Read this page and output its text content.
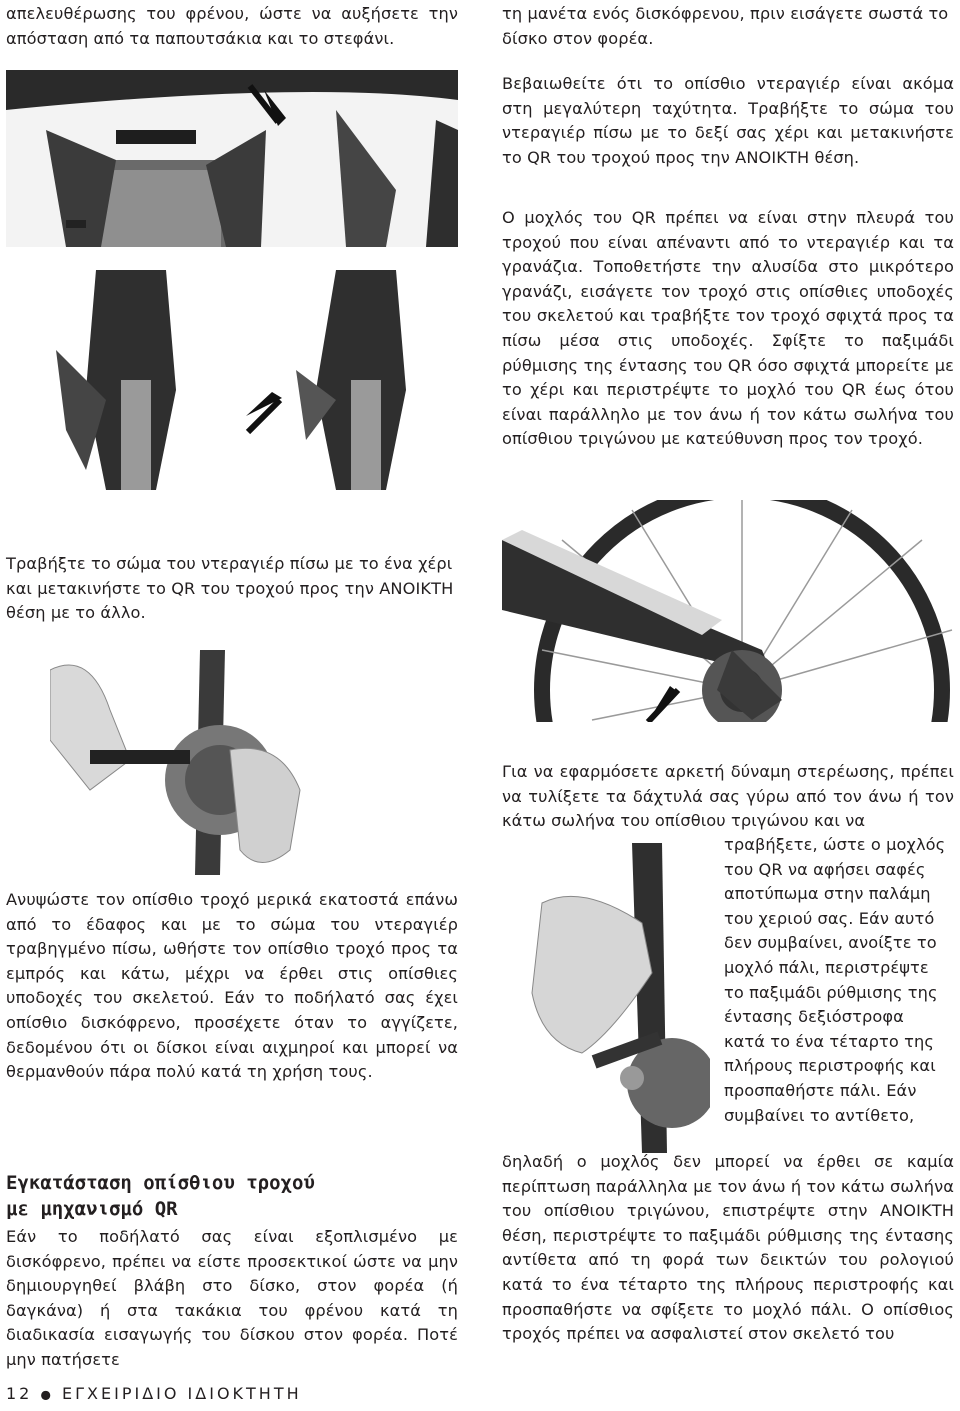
απελευθέρωσης του φρένου, ώστε να αυξήσετε την απόσταση από τα παπουτσάκια και το στεφάνι.

Τραβήξτε το σώμα του ντεραγιέρ πίσω με το ένα χέρι και μετακινήστε το QR του τροχού προς την ΑΝΟΙΚΤΗ θέση με το άλλο.

Ανυψώστε τον οπίσθιο τροχό μερικά εκατοστά επάνω από το έδαφος και με το σώμα του ντεραγιέρ τραβηγμένο πίσω, ωθήστε τον οπίσθιο τροχό προς τα εμπρός και κάτω, μέχρι να έρθει στις οπίσθιες υποδοχές του σκελετού. Εάν το ποδήλατό σας έχει οπίσθιο δισκόφρενο, προσέχετε όταν το αγγίζετε, δεδομένου ότι οι δίσκοι είναι αιχμηροί και μπορεί να θερμανθούν πάρα πολύ κατά τη χρήση τους.

Εγκατάσταση οπίσθιου τροχού
με μηχανισμό QR

Εάν το ποδήλατό σας είναι εξοπλισμένο με δισκόφρενο, πρέπει να είστε προσεκτικοί ώστε να μην δημιουργηθεί βλάβη στο δίσκο, στον φορέα (ή δαγκάνα) ή στα τακάκια του φρένου κατά τη διαδικασία εισαγωγής του δίσκου στον φορέα. Ποτέ μην πατήσετε

τη μανέτα ενός δισκόφρενου, πριν εισάγετε σωστά το δίσκο στον φορέα.

Βεβαιωθείτε ότι το οπίσθιο ντεραγιέρ είναι ακόμα στη μεγαλύτερη ταχύτητα. Τραβήξτε το σώμα του ντεραγιέρ πίσω με το δεξί σας χέρι και μετακινήστε το QR του τροχού προς την ΑΝΟΙΚΤΗ θέση.

Ο μοχλός του QR πρέπει να είναι στην πλευρά του τροχού που είναι απέναντι από το ντεραγιέρ και τα γρανάζια. Τοποθετήστε την αλυσίδα στο μικρότερο γρανάζι, εισάγετε τον τροχό στις οπίσθιες υποδοχές του σκελετού και τραβήξτε τον τροχό σφιχτά προς τα πίσω μέσα στις υποδοχές. Σφίξτε το παξιμάδι ρύθμισης της έντασης του QR όσο σφιχτά μπορείτε με το χέρι και περιστρέψτε το μοχλό του QR έως ότου είναι παράλληλο με τον άνω ή τον κάτω σωλήνα του οπίσθιου τριγώνου με κατεύθυνση προς τον τροχό.

Για να εφαρμόσετε αρκετή δύναμη στερέωσης, πρέπει να τυλίξετε τα δάχτυλά σας γύρω από τον άνω ή τον κάτω σωλήνα του οπίσθιου τριγώνου και να

τραβήξετε, ώστε ο μοχλός

του QR να αφήσει σαφές

αποτύπωμα στην παλάμη

του χεριού σας. Εάν αυτό

δεν συμβαίνει, ανοίξτε το

μοχλό πάλι, περιστρέψτε

το παξιμάδι ρύθμισης της

έντασης δεξιόστροφα

κατά το ένα τέταρτο της

πλήρους περιστροφής και

προσπαθήστε πάλι. Εάν

συμβαίνει το αντίθετο,

δηλαδή ο μοχλός δεν μπορεί να έρθει σε καμία περίπτωση παράλληλα με τον άνω ή τον κάτω σωλήνα του οπίσθιου τριγώνου, επιστρέψτε στην ΑΝΟΙΚΤΗ θέση, περιστρέψτε το παξιμάδι ρύθμισης της έντασης αντίθετα από τη φορά των δεικτών του ρολογιού κατά το ένα τέταρτο της πλήρους περιστροφής και προσπαθήστε να σφίξετε το μοχλό πάλι. Ο οπίσθιος τροχός πρέπει να ασφαλιστεί στον σκελετό του

12 ● ΕΓΧΕΙΡΙΔΙΟ ΙΔΙΟΚΤΗΤΗ
